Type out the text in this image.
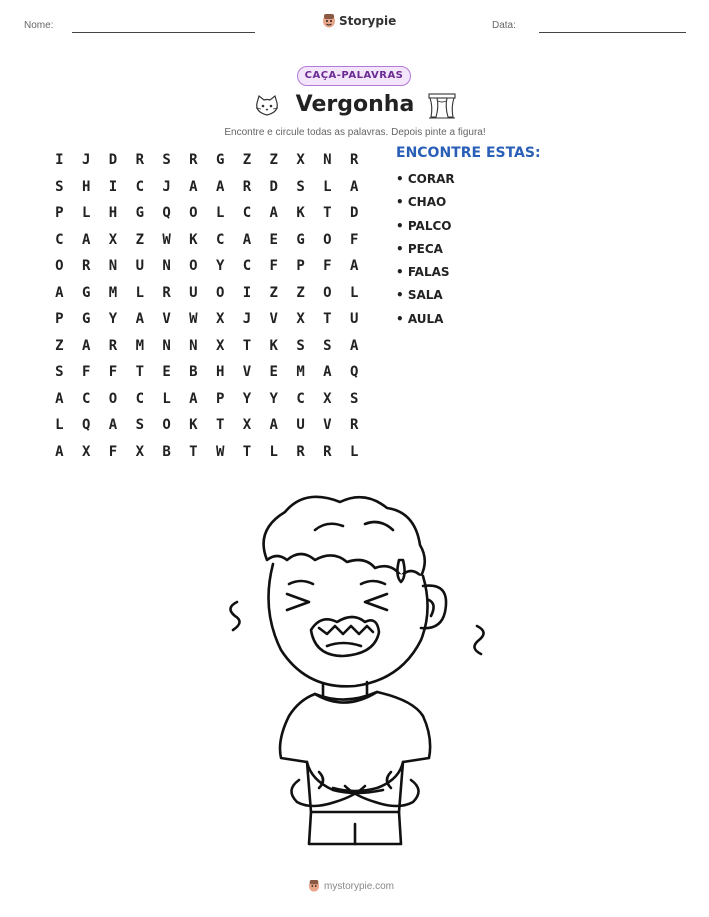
Nome:	Storypie	Data:
CAÇA-PALAVRAS
Vergonha
Encontre e circule todas as palavras. Depois pinte a figura!
I	J	D	R	S	R	G	Z	Z	X	N	R
S	H	I	C	J	A	A	R	D	S	L	A
P	L	H	G	Q	O	L	C	A	K	T	D
C	A	X	Z	W	K	C	A	E	G	O	F
O	R	N	U	N	O	Y	C	F	P	F	A
A	G	M	L	R	U	O	I	Z	Z	O	L
P	G	Y	A	V	W	X	J	V	X	T	U
Z	A	R	M	N	N	X	T	K	S	S	A
S	F	F	T	E	B	H	V	E	M	A	Q
A	C	O	C	L	A	P	Y	Y	C	X	S
L	Q	A	S	O	K	T	X	A	U	V	R
A	X	F	X	B	T	W	T	L	R	R	L
ENCONTRE ESTAS:
• CORAR
• CHAO
• PALCO
• PECA
• FALAS
• SALA
• AULA
mystorypie.com
